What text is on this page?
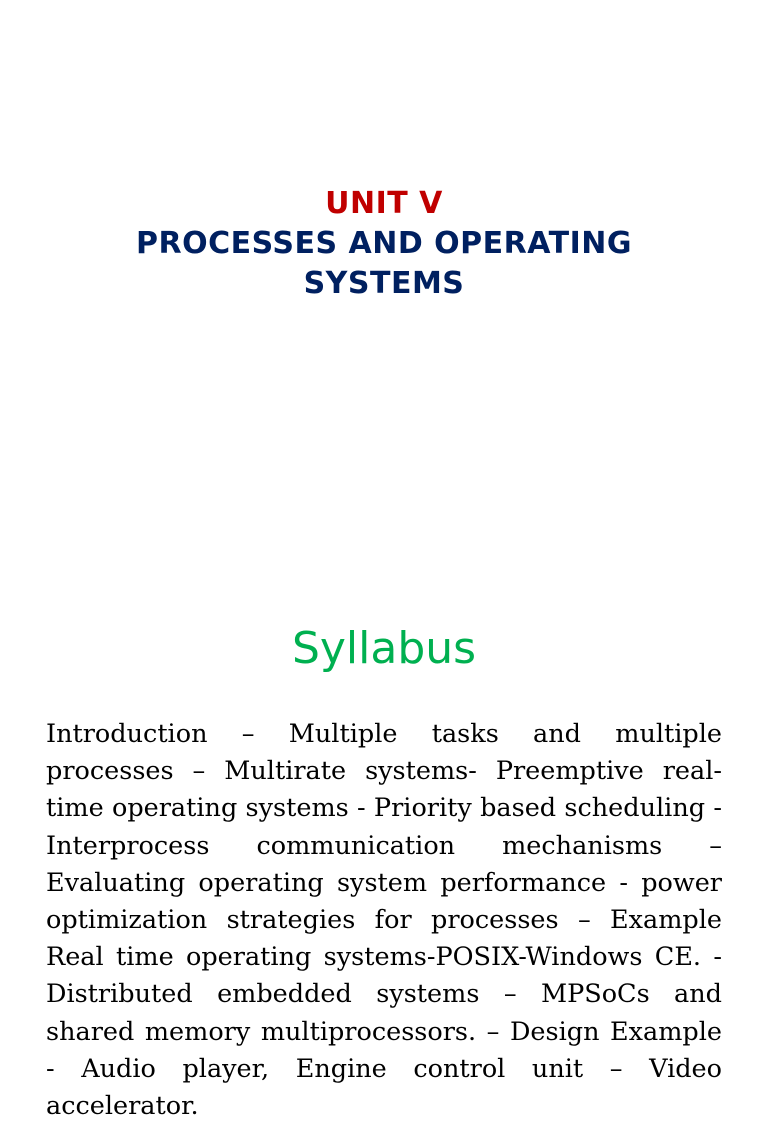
UNIT V
PROCESSES AND OPERATING
SYSTEMS
Syllabus

Introduction – Multiple tasks and multiple processes – Multirate systems- Preemptive real-time operating systems - Priority based scheduling - Interprocess communication mechanisms – Evaluating operating system performance - power optimization strategies for processes – Example Real time operating systems-POSIX-Windows CE. - Distributed embedded systems – MPSoCs and shared memory multiprocessors. – Design Example - Audio player, Engine control unit – Video accelerator.
